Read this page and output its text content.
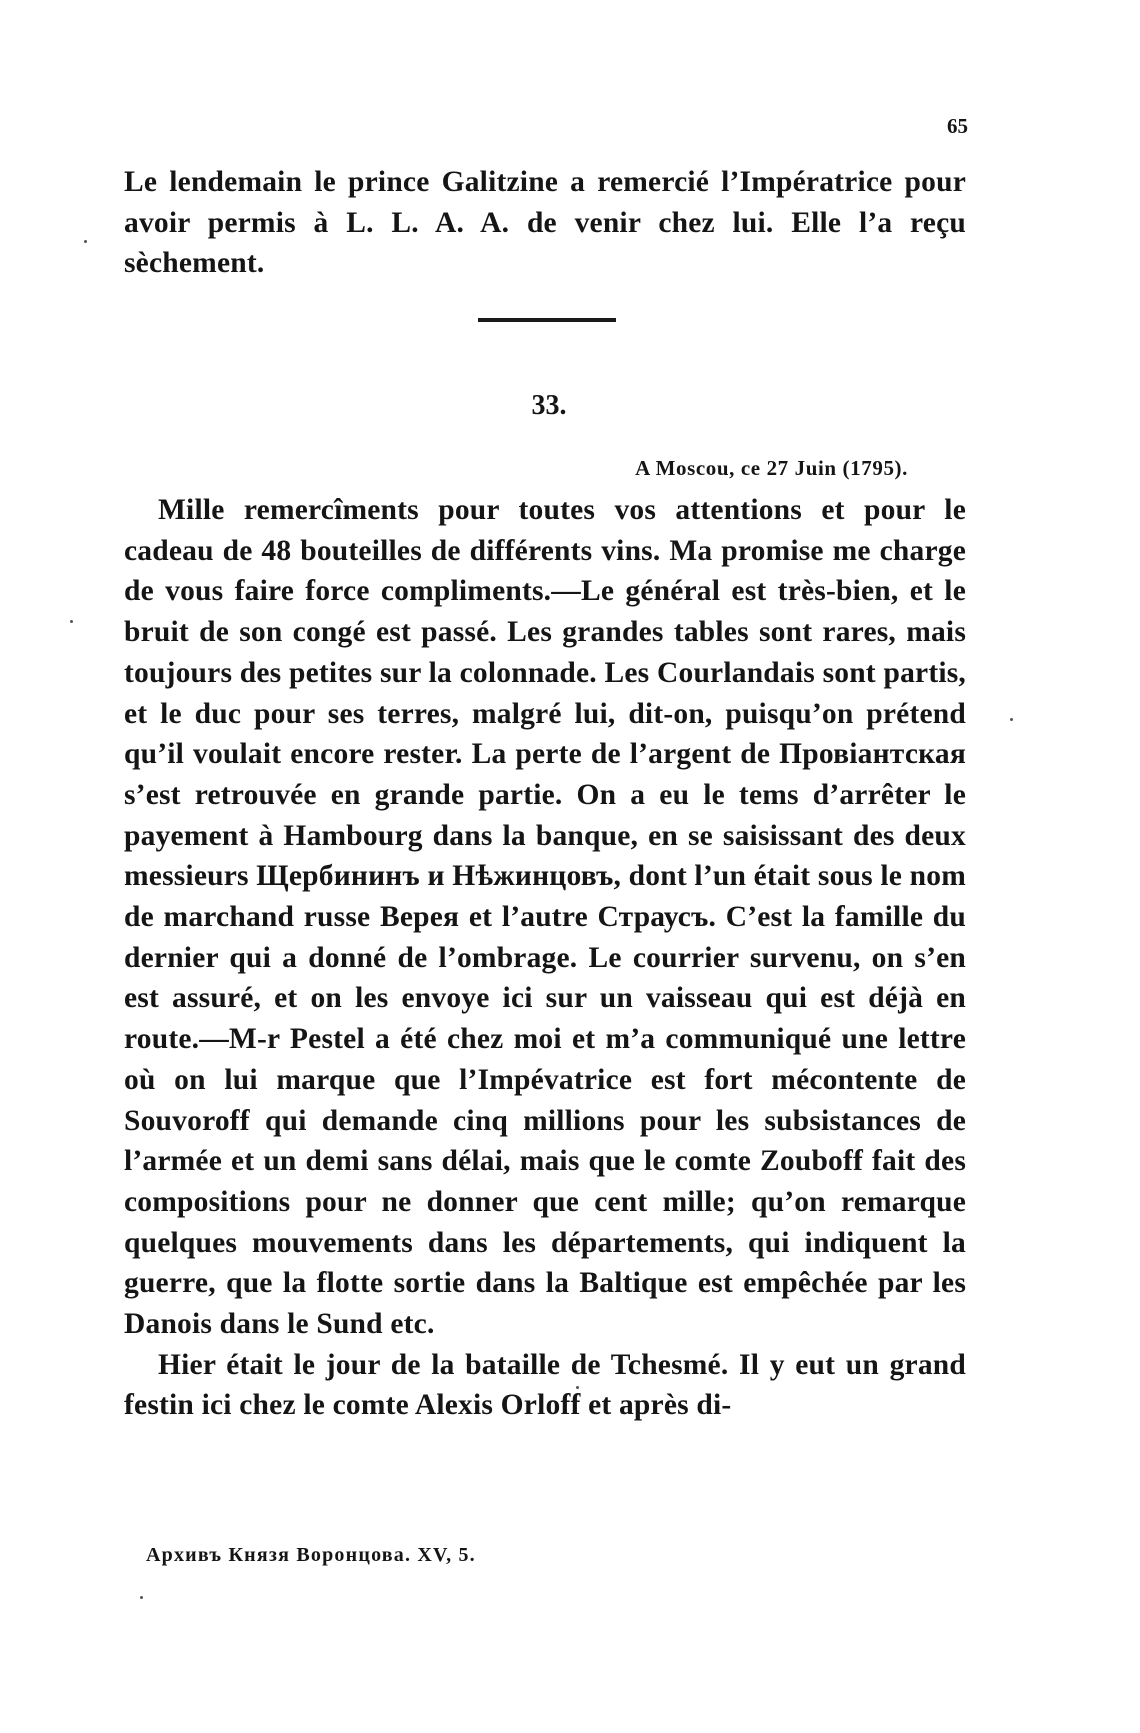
65

Le lendemain le prince Galitzine a remercié l’Impératrice pour avoir permis à L. L. A. A. de venir chez lui. Elle l’a reçu sèchement.

33.
A Moscou, ce 27 Juin (1795).

Mille remercîments pour toutes vos attentions et pour le cadeau de 48 bouteilles de différents vins. Ma promise me charge de vous faire force compliments.—Le général est très-bien, et le bruit de son congé est passé. Les grandes tables sont rares, mais toujours des petites sur la colonnade. Les Courlandais sont partis, et le duc pour ses terres, malgré lui, dit-on, puisqu’on prétend qu’il voulait encore rester. La perte de l’argent de Провіантская s’est retrouvée en grande partie. On a eu le tems d’arrêter le payement à Hambourg dans la banque, en se saisissant des deux messieurs Щербининъ и Нѣжинцовъ, dont l’un était sous le nom de marchand russe Верея et l’autre Страусъ. C’est la famille du dernier qui a donné de l’ombrage. Le courrier survenu, on s’en est assuré, et on les envoye ici sur un vaisseau qui est déjà en route.—M-r Pestel a été chez moi et m’a communiqué une lettre où on lui marque que l’Impévatrice est fort mécontente de Souvoroff qui demande cinq millions pour les subsistances de l’armée et un demi sans délai, mais que le comte Zouboff fait des compositions pour ne donner que cent mille; qu’on remarque quelques mouvements dans les départements, qui indiquent la guerre, que la flotte sortie dans la Baltique est empêchée par les Danois dans le Sund etc.

Hier était le jour de la bataille de Tchesmé. Il y eut un grand festin ici chez le comte Alexis Orloff et après di-

Архивъ Князя Воронцова. XV, 5.
